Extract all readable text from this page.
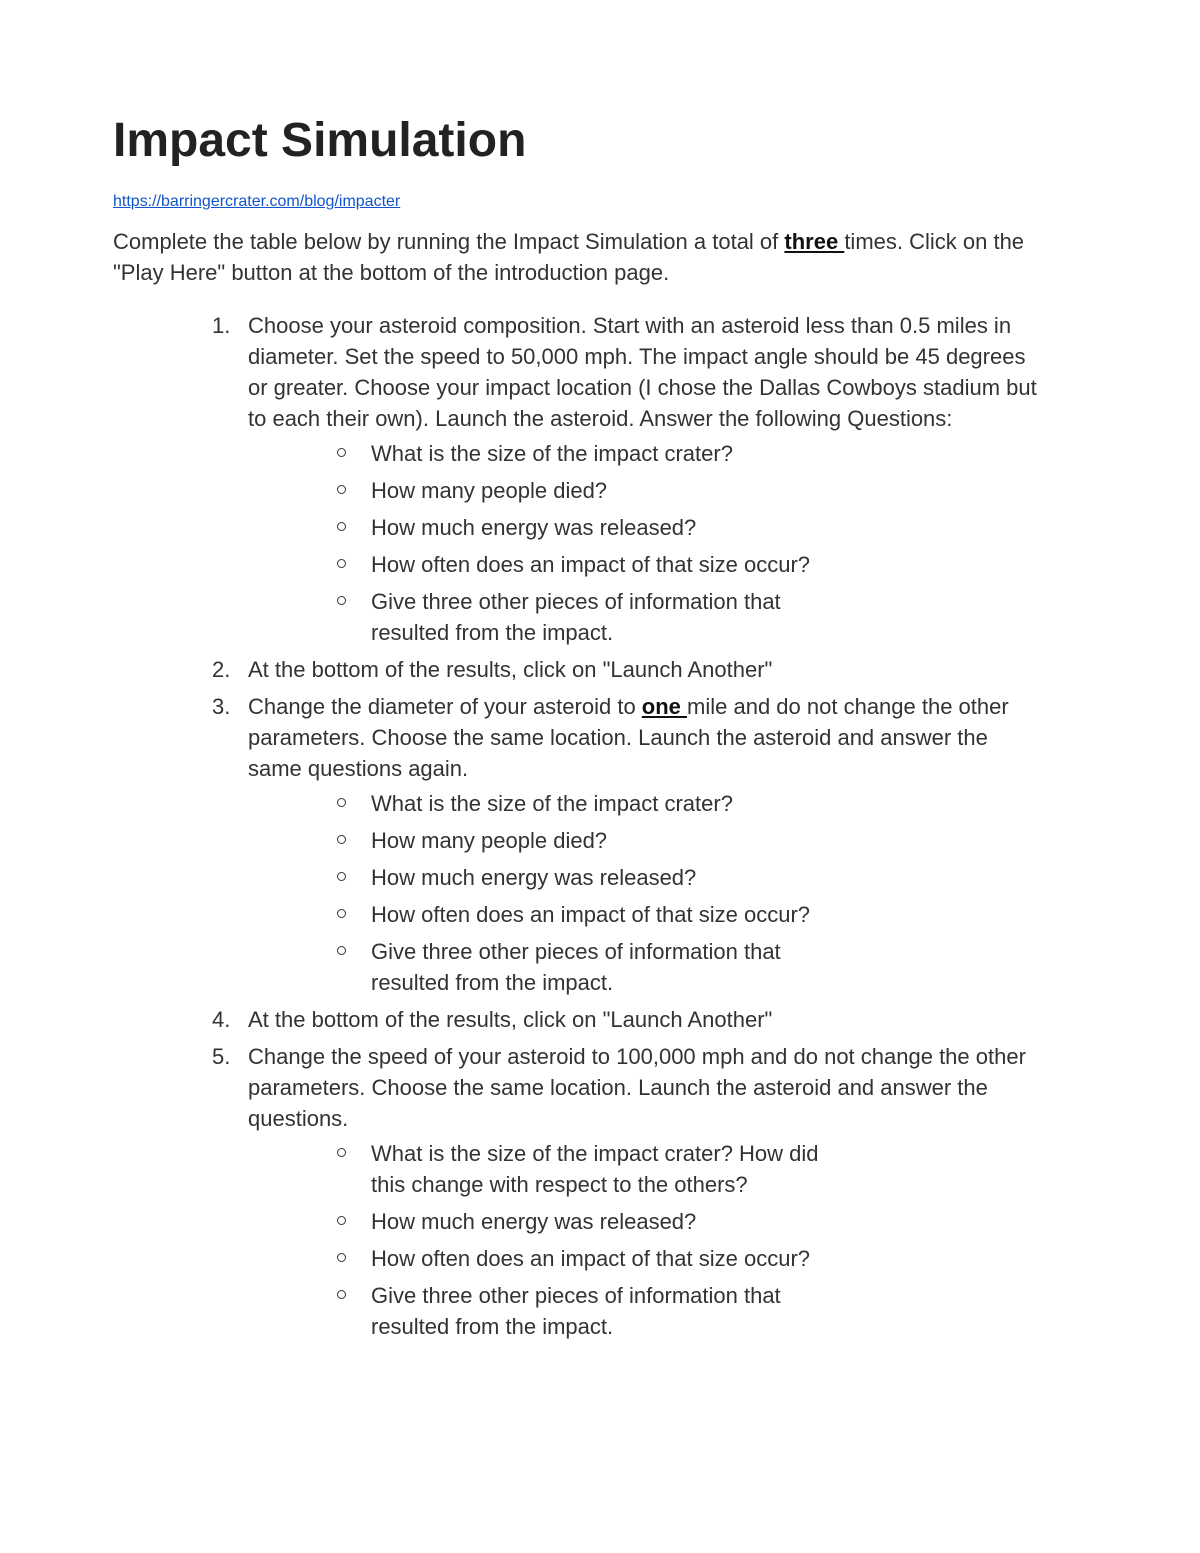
Impact Simulation
https://barringercrater.com/blog/impacter

Complete the table below by running the Impact Simulation a total of three times. Click on the "Play Here" button at the bottom of the introduction page.

1. Choose your asteroid composition. Start with an asteroid less than 0.5 miles in diameter. Set the speed to 50,000 mph. The impact angle should be 45 degrees or greater. Choose your impact location (I chose the Dallas Cowboys stadium but to each their own). Launch the asteroid. Answer the following Questions:
What is the size of the impact crater?
How many people died?
How much energy was released?
How often does an impact of that size occur?
Give three other pieces of information that resulted from the impact.
2. At the bottom of the results, click on "Launch Another"
3. Change the diameter of your asteroid to one mile and do not change the other parameters. Choose the same location. Launch the asteroid and answer the same questions again.
What is the size of the impact crater?
How many people died?
How much energy was released?
How often does an impact of that size occur?
Give three other pieces of information that resulted from the impact.
4. At the bottom of the results, click on "Launch Another"
5. Change the speed of your asteroid to 100,000 mph and do not change the other parameters. Choose the same location. Launch the asteroid and answer the questions.
What is the size of the impact crater? How did this change with respect to the others?
How much energy was released?
How often does an impact of that size occur?
Give three other pieces of information that resulted from the impact.
